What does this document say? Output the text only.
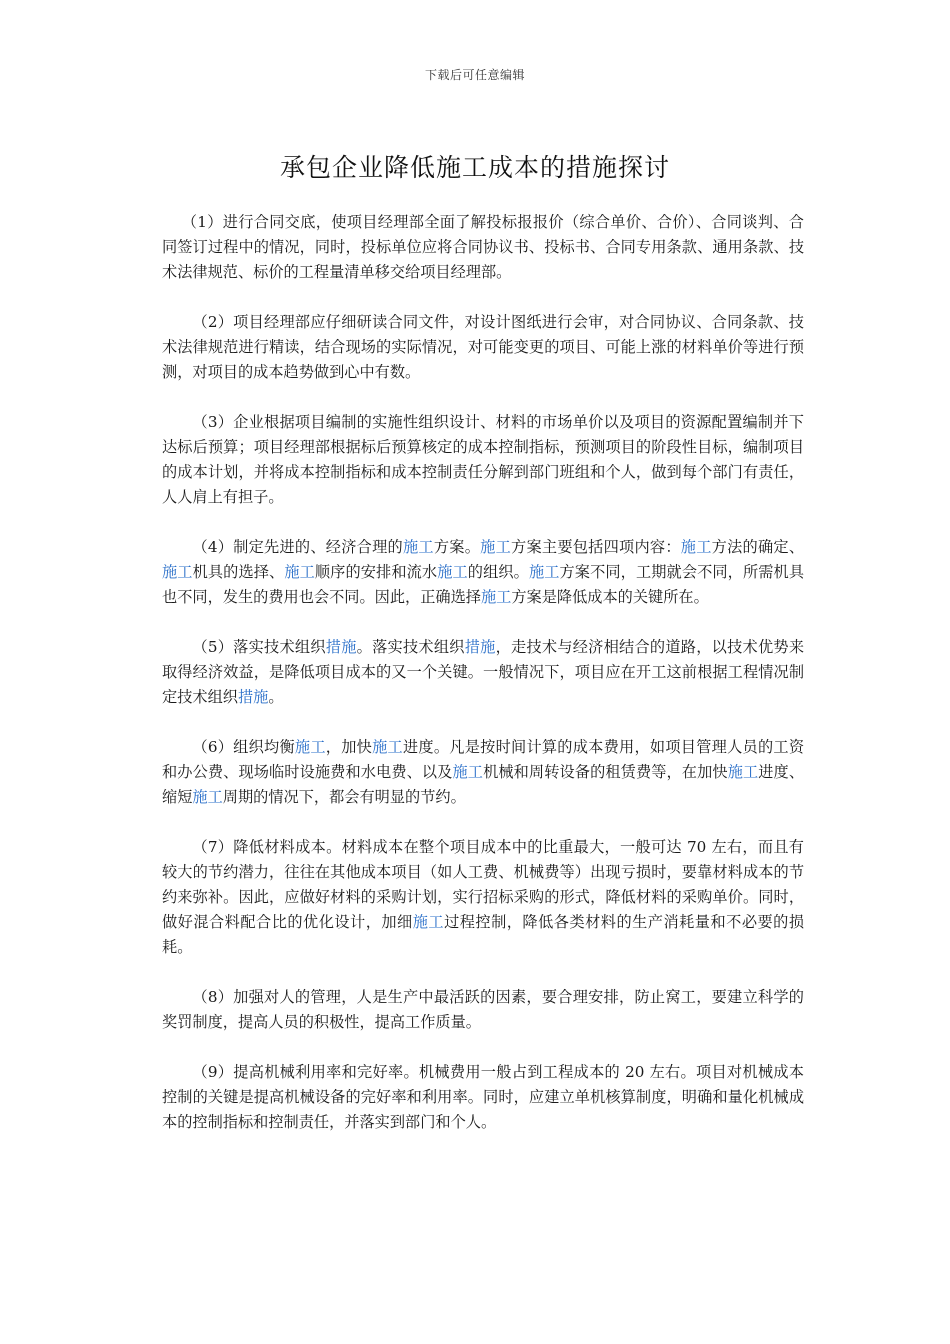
下载后可任意编辑
承包企业降低施工成本的措施探讨

（1）进行合同交底，使项目经理部全面了解投标报报价（综合单价、合价）、合同谈判、合同签订过程中的情况，同时，投标单位应将合同协议书、投标书、合同专用条款、通用条款、技术法律规范、标价的工程量清单移交给项目经理部。

（2）项目经理部应仔细研读合同文件，对设计图纸进行会审，对合同协议、合同条款、技术法律规范进行精读，结合现场的实际情况，对可能变更的项目、可能上涨的材料单价等进行预测，对项目的成本趋势做到心中有数。

（3）企业根据项目编制的实施性组织设计、材料的市场单价以及项目的资源配置编制并下达标后预算；项目经理部根据标后预算核定的成本控制指标，预测项目的阶段性目标，编制项目的成本计划，并将成本控制指标和成本控制责任分解到部门班组和个人，做到每个部门有责任，人人肩上有担子。

（4）制定先进的、经济合理的施工方案。施工方案主要包括四项内容：施工方法的确定、施工机具的选择、施工顺序的安排和流水施工的组织。施工方案不同，工期就会不同，所需机具也不同，发生的费用也会不同。因此，正确选择施工方案是降低成本的关键所在。

（5）落实技术组织措施。落实技术组织措施，走技术与经济相结合的道路，以技术优势来取得经济效益，是降低项目成本的又一个关键。一般情况下，项目应在开工这前根据工程情况制定技术组织措施。

（6）组织均衡施工，加快施工进度。凡是按时间计算的成本费用，如项目管理人员的工资和办公费、现场临时设施费和水电费、以及施工机械和周转设备的租赁费等，在加快施工进度、缩短施工周期的情况下，都会有明显的节约。

（7）降低材料成本。材料成本在整个项目成本中的比重最大，一般可达 70 左右，而且有较大的节约潜力，往往在其他成本项目（如人工费、机械费等）出现亏损时，要靠材料成本的节约来弥补。因此，应做好材料的采购计划，实行招标采购的形式，降低材料的采购单价。同时，做好混合料配合比的优化设计，加细施工过程控制，降低各类材料的生产消耗量和不必要的损耗。

（8）加强对人的管理，人是生产中最活跃的因素，要合理安排，防止窝工，要建立科学的奖罚制度，提高人员的积极性，提高工作质量。

（9）提高机械利用率和完好率。机械费用一般占到工程成本的 20 左右。项目对机械成本控制的关键是提高机械设备的完好率和利用率。同时，应建立单机核算制度，明确和量化机械成本的控制指标和控制责任，并落实到部门和个人。
